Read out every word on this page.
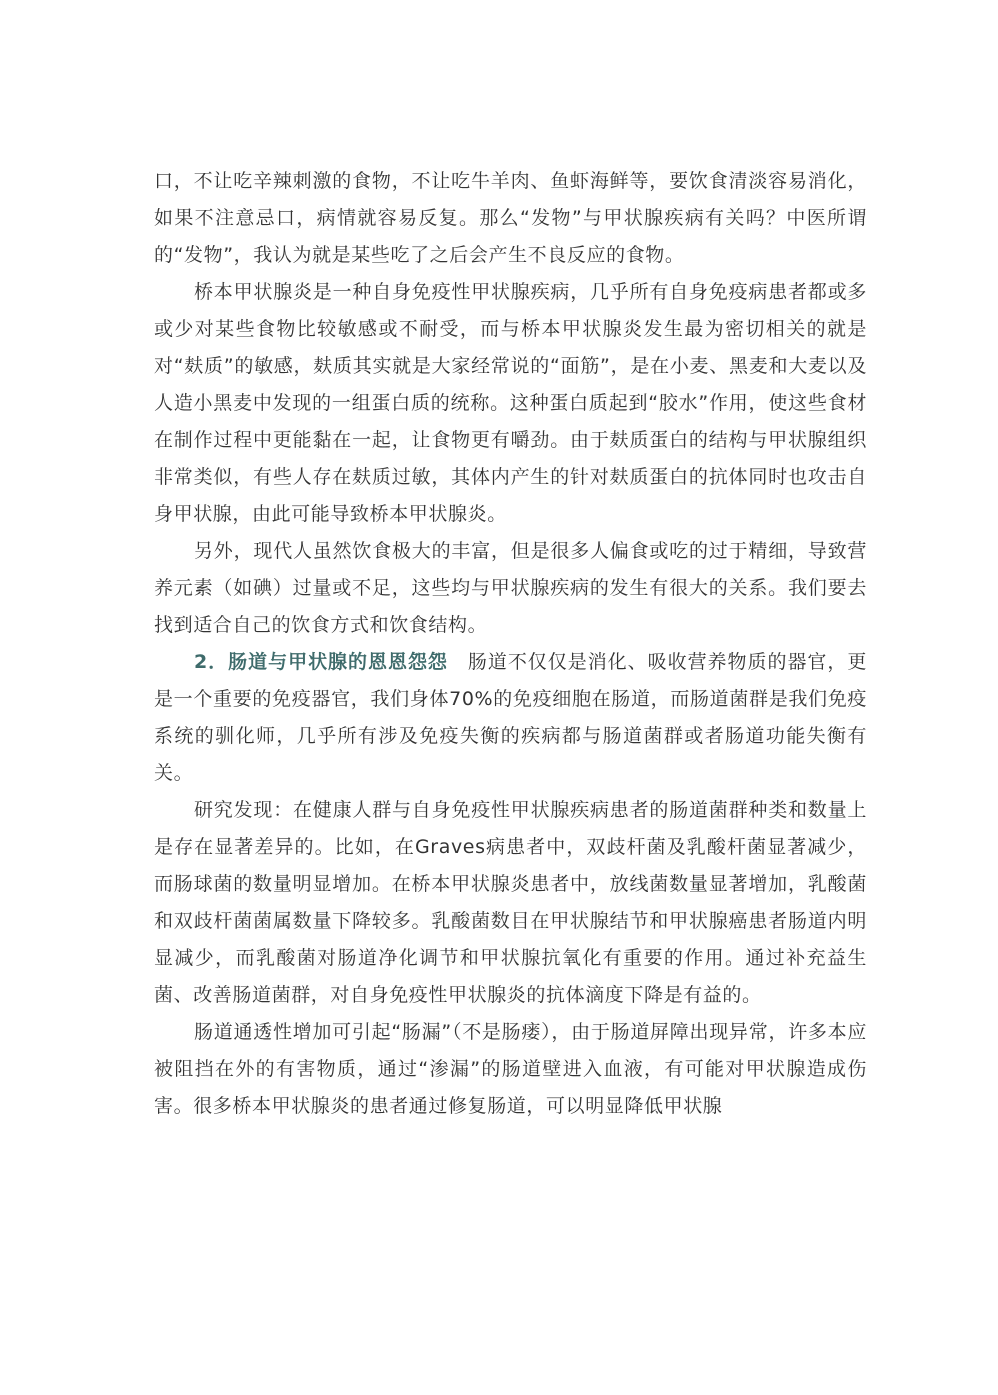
口，不让吃辛辣刺激的食物，不让吃牛羊肉、鱼虾海鲜等，要饮食清淡容易消化，如果不注意忌口，病情就容易反复。那么“发物”与甲状腺疾病有关吗？中医所谓的“发物”，我认为就是某些吃了之后会产生不良反应的食物。

桥本甲状腺炎是一种自身免疫性甲状腺疾病，几乎所有自身免疫病患者都或多或少对某些食物比较敏感或不耐受，而与桥本甲状腺炎发生最为密切相关的就是对“麸质”的敏感，麸质其实就是大家经常说的“面筋”，是在小麦、黑麦和大麦以及人造小黑麦中发现的一组蛋白质的统称。这种蛋白质起到“胶水”作用，使这些食材在制作过程中更能黏在一起，让食物更有嚼劲。由于麸质蛋白的结构与甲状腺组织非常类似，有些人存在麸质过敏，其体内产生的针对麸质蛋白的抗体同时也攻击自身甲状腺，由此可能导致桥本甲状腺炎。

另外，现代人虽然饮食极大的丰富，但是很多人偏食或吃的过于精细，导致营养元素（如碘）过量或不足，这些均与甲状腺疾病的发生有很大的关系。我们要去找到适合自己的饮食方式和饮食结构。

2．肠道与甲状腺的恩恩怨怨　肠道不仅仅是消化、吸收营养物质的器官，更是一个重要的免疫器官，我们身体70%的免疫细胞在肠道，而肠道菌群是我们免疫系统的驯化师，几乎所有涉及免疫失衡的疾病都与肠道菌群或者肠道功能失衡有关。

研究发现：在健康人群与自身免疫性甲状腺疾病患者的肠道菌群种类和数量上是存在显著差异的。比如，在Graves病患者中，双歧杆菌及乳酸杆菌显著减少，而肠球菌的数量明显增加。在桥本甲状腺炎患者中，放线菌数量显著增加，乳酸菌和双歧杆菌菌属数量下降较多。乳酸菌数目在甲状腺结节和甲状腺癌患者肠道内明显减少，而乳酸菌对肠道净化调节和甲状腺抗氧化有重要的作用。通过补充益生菌、改善肠道菌群，对自身免疫性甲状腺炎的抗体滴度下降是有益的。

肠道通透性增加可引起“肠漏”（不是肠瘘），由于肠道屏障出现异常，许多本应被阻挡在外的有害物质，通过“渗漏”的肠道壁进入血液，有可能对甲状腺造成伤害。很多桥本甲状腺炎的患者通过修复肠道，可以明显降低甲状腺
